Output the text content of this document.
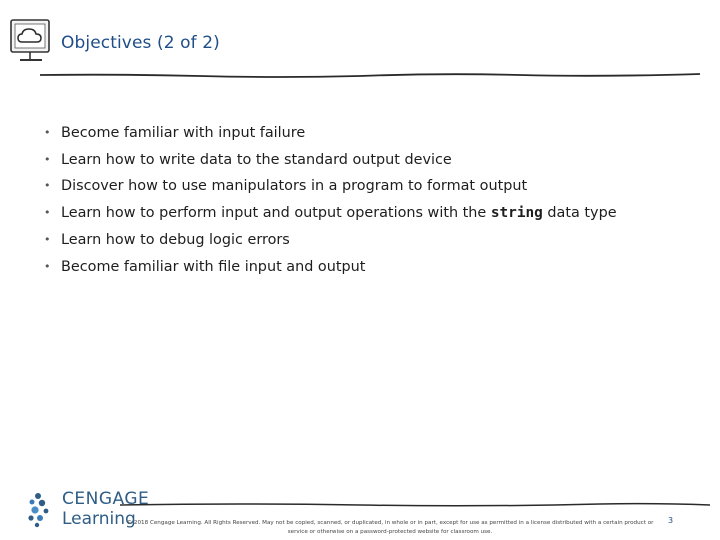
Objectives (2 of 2)
• Become familiar with input failure
• Learn how to write data to the standard output device
• Discover how to use manipulators in a program to format output
• Learn how to perform input and output operations with the string data type
• Learn how to debug logic errors
• Become familiar with file input and output
CENGAGE
Learning
© 2018 Cengage Learning. All Rights Reserved. May not be copied, scanned, or duplicated, in whole or in part, except for use as permitted in a license distributed with a certain product or service or otherwise on a password-protected website for classroom use.
3
